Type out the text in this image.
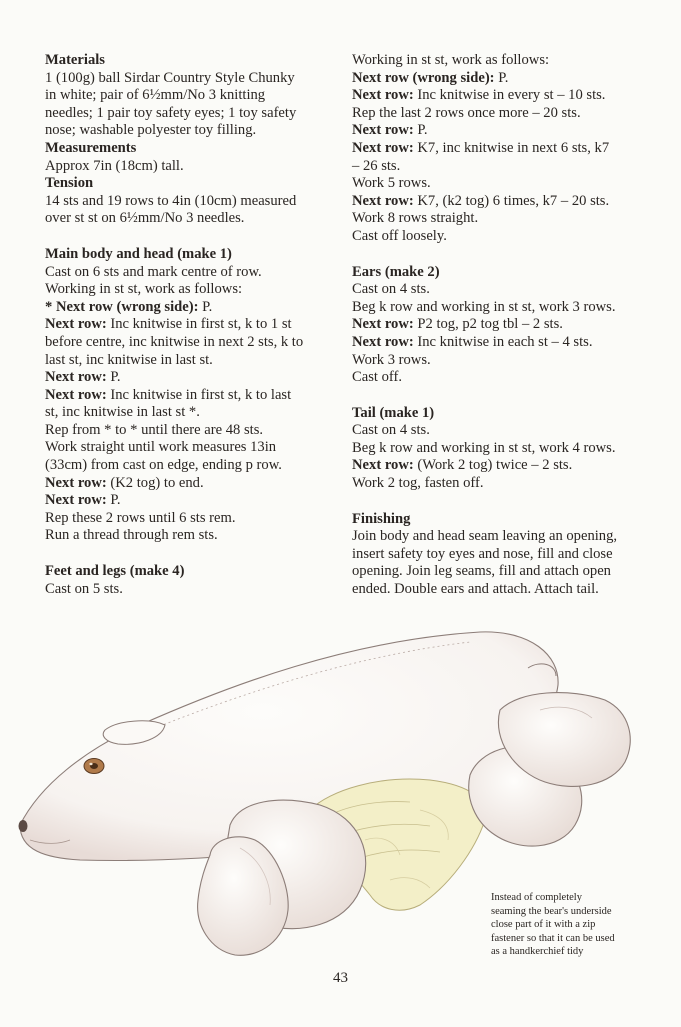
Materials
1 (100g) ball Sirdar Country Style Chunky
in white; pair of 6½mm/No 3 knitting
needles; 1 pair toy safety eyes; 1 toy safety
nose; washable polyester toy filling.
Measurements
Approx 7in (18cm) tall.
Tension
14 sts and 19 rows to 4in (10cm) measured
over st st on 6½mm/No 3 needles.
Main body and head (make 1)
Cast on 6 sts and mark centre of row.
Working in st st, work as follows:
* Next row (wrong side): P.
Next row: Inc knitwise in first st, k to 1 st
before centre, inc knitwise in next 2 sts, k to
last st, inc knitwise in last st.
Next row: P.
Next row: Inc knitwise in first st, k to last
st, inc knitwise in last st *.
Rep from * to * until there are 48 sts.
Work straight until work measures 13in
(33cm) from cast on edge, ending p row.
Next row: (K2 tog) to end.
Next row: P.
Rep these 2 rows until 6 sts rem.
Run a thread through rem sts.
Feet and legs (make 4)
Cast on 5 sts.
Working in st st, work as follows:
Next row (wrong side): P.
Next row: Inc knitwise in every st – 10 sts.
Rep the last 2 rows once more – 20 sts.
Next row: P.
Next row: K7, inc knitwise in next 6 sts, k7
– 26 sts.
Work 5 rows.
Next row: K7, (k2 tog) 6 times, k7 – 20 sts.
Work 8 rows straight.
Cast off loosely.
Ears (make 2)
Cast on 4 sts.
Beg k row and working in st st, work 3 rows.
Next row: P2 tog, p2 tog tbl – 2 sts.
Next row: Inc knitwise in each st – 4 sts.
Work 3 rows.
Cast off.
Tail (make 1)
Cast on 4 sts.
Beg k row and working in st st, work 4 rows.
Next row: (Work 2 tog) twice – 2 sts.
Work 2 tog, fasten off.
Finishing
Join body and head seam leaving an opening,
insert safety toy eyes and nose, fill and close
opening. Join leg seams, fill and attach open
ended. Double ears and attach. Attach tail.
Instead of completely
seaming the bear's underside
close part of it with a zip
fastener so that it can be used
as a handkerchief tidy
43
